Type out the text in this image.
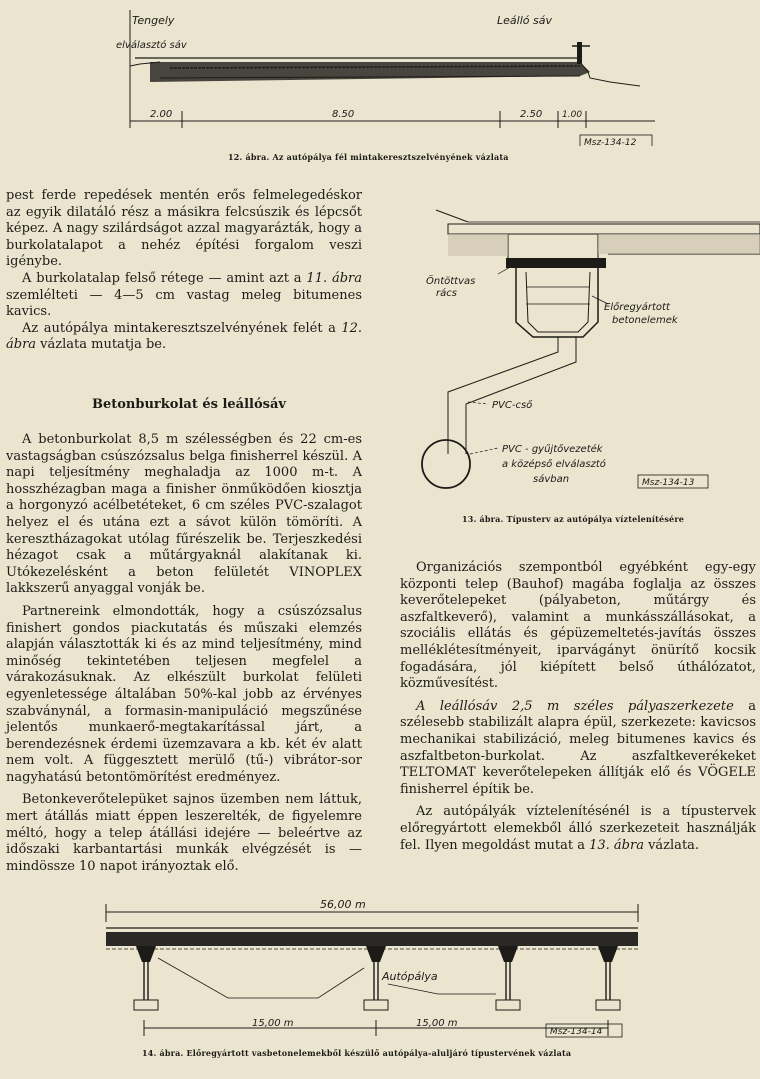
Tengely
elválasztó sáv
Leálló sáv
2.00	8.50	2.50 1.00
Msz-134-12
12. ábra. Az autópálya fél mintakeresztszelvényének vázlata
Öntöttvas
rács
Előregyártott
betonelemek
PVC-cső
PVC - gyűjtővezeték
a középső elválasztó
sávban	Msz-134-13
13. ábra. Típusterv az autópálya víztelenítésére

pest ferde repedések mentén erős felmelegedéskor az egyik dilatáló rész a másikra felcsúszik és lépcsőt képez. A nagy szilárdságot azzal magyarázták, hogy a burkolatalapot a nehéz építési forgalom veszi igénybe.

A burkolatalap felső rétege — amint azt a 11. ábra szemlélteti — 4—5 cm vastag meleg bitumenes kavics.

Az autópálya mintakeresztszelvényének felét a 12. ábra vázlata mutatja be.

Betonburkolat és leállósáv

A betonburkolat 8,5 m szélességben és 22 cm-es vastagságban csúszózsalus belga finisherrel készül. A napi teljesítmény meghaladja az 1000 m-t. A hosszhézagban maga a finisher önműködően kiosztja a horgonyzó acélbetéteket, 6 cm széles PVC-szalagot helyez el és utána ezt a sávot külön tömöríti. A keresztházagokat utólag fűrészelik be. Terjeszkedési hézagot csak a műtárgyaknál alakítanak ki. Utókezelésként a beton felületét VINOPLEX lakkszerű anyaggal vonják be.

Partnereink elmondották, hogy a csúszózsalus finishert gondos piackutatás és műszaki elemzés alapján választották ki és az mind teljesítmény, mind minőség tekintetében teljesen megfelel a várakozásuknak. Az elkészült burkolat felületi egyenletessége általában 50%-kal jobb az érvényes szabványnál, a formasin-manipuláció megszűnése jelentős munkaerő-megtakarítással járt, a berendezésnek érdemi üzemzavara a kb. két év alatt nem volt. A függesztett merülő (tű-) vibrátor-sor nagyhatású betontömörítést eredményez.

Betonkeverőtelepüket sajnos üzemben nem láttuk, mert átállás miatt éppen leszerelték, de figyelemre méltó, hogy a telep átállási idejére — beleértve az időszaki karbantartási munkák elvégzését is — mindössze 10 napot irányoztak elő.

Organizációs szempontból egyébként egy-egy központi telep (Bauhof) magába foglalja az összes keverőtelepeket (pályabeton, műtárgy és aszfaltkeverő), valamint a munkásszállásokat, a szociális ellátás és gépüzemeltetés-javítás összes melléklétesítményeit, iparvágányt önürítő kocsik fogadására, jól kiépített belső úthálózatot, közművesítést.

A leállósáv 2,5 m széles pályaszerkezete a szélesebb stabilizált alapra épül, szerkezete: kavicsos mechanikai stabilizáció, meleg bitumenes kavics és aszfaltbeton-burkolat. Az aszfaltkeverékeket TELTOMAT keverőtelepeken állítják elő és VÖGELE finisherrel építik be.

Az autópályák víztelenítésénél is a típustervek előregyártott elemekből álló szerkezeteit használják fel. Ilyen megoldást mutat a 13. ábra vázlata.

56,00 m
Autópálya
15,00 m	15,00 m
Msz-134-14
14. ábra. Előregyártott vasbetonelemekből készülő autópálya-aluljáró típustervének vázlata
